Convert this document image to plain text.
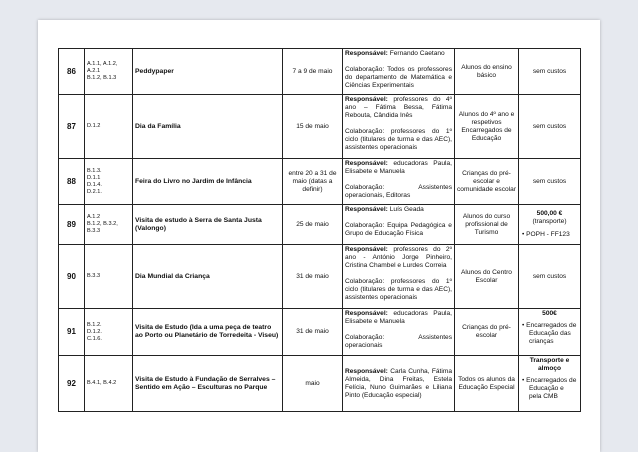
86	A.1.1, A.1.2,
A.2.1
B.1.2, B.1.3	Peddypaper	7 a 9 de maio	Responsável: Fernando Caetano
Colaboração: Todos os professores do departamento de Matemática e Ciências Experimentais	Alunos do ensino básico	sem custos

87	D.1.2	Dia da Família	15 de maio	Responsável: professores do 4º ano – Fátima Bessa, Fátima Rebouta, Cândida Inês
Colaboração: professores do 1º ciclo (titulares de turma e das AEC), assistentes operacionais	Alunos do 4º ano e respetivos Encarregados de Educação	sem custos

88	B.1.3.
D.1.1
D.1.4.
D.2.1.	Feira do Livro no Jardim de Infância	entre 20 a 31 de maio (datas a definir)	Responsável: educadoras Paula, Elisabete e Manuela
Colaboração: Assistentes operacionais, Editoras	Crianças do pré-escolar e comunidade escolar	sem custos

89	A.1.2
B.1.2, B.3.2,
B.3.3	Visita de estudo à Serra de Santa Justa (Valongo)	25 de maio	Responsável: Luís Geada
Colaboração: Equipa Pedagógica e Grupo de Educação Física	Alunos do curso profissional de Turismo	500,00 €
(transporte)
• POPH - FF123

90	B.3.3	Dia Mundial da Criança	31 de maio	Responsável: professores do 2º ano - António Jorge Pinheiro, Cristina Chambel e Lurdes Correia
Colaboração: professores do 1º ciclo (titulares de turma e das AEC), assistentes operacionais	Alunos do Centro Escolar	sem custos

91	B.1.2.
D.1.2.
C.1.6.	Visita de Estudo (Ida a uma peça de teatro ao Porto ou Planetário de Torredeita - Viseu)	31 de maio	Responsável: educadoras Paula, Elisabete e Manuela
Colaboração: Assistentes operacionais	Crianças do pré-escolar	500€
• Encarregados de Educação das crianças

92	B.4.1, B.4.2	Visita de Estudo à Fundação de Serralves – Sentido em Ação – Esculturas no Parque	maio	Responsável: Carla Cunha, Fátima Almeida, Dina Freitas, Estela Felícia, Nuno Guimarães e Liliana Pinto (Educação especial)	Todos os alunos da Educação Especial	Transporte e almoço
• Encarregados de Educação e pela CMB
